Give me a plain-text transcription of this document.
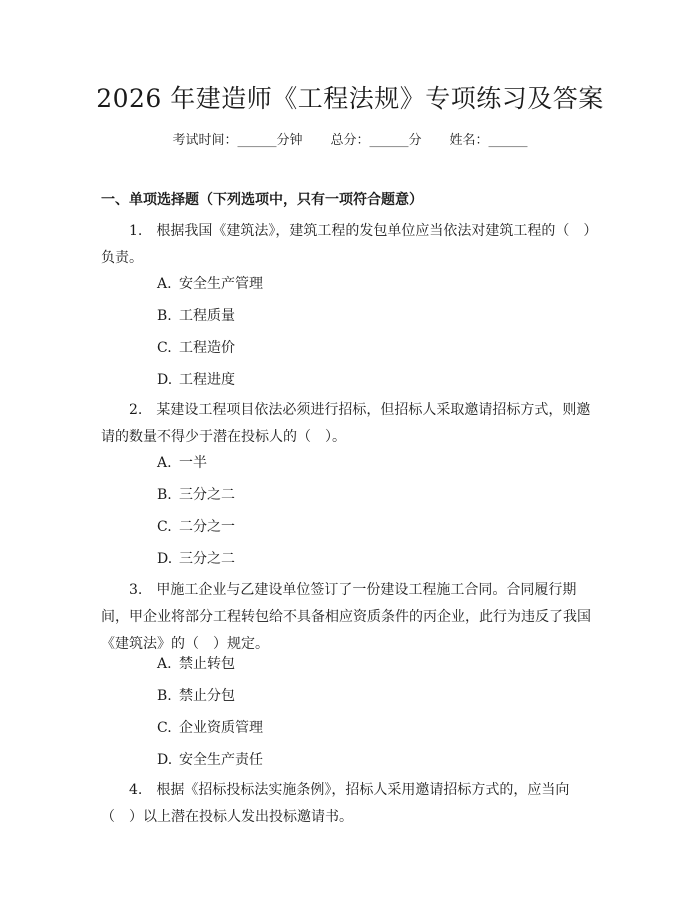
2026 年建造师《工程法规》专项练习及答案
考试时间：______分钟 总分：______分 姓名：______
一、单项选择题（下列选项中，只有一项符合题意）
1.　根据我国《建筑法》，建筑工程的发包单位应当依法对建筑工程的（　）负责。
A. 安全生产管理
B. 工程质量
C. 工程造价
D. 工程进度
2.　某建设工程项目依法必须进行招标，但招标人采取邀请招标方式，则邀请的数量不得少于潜在投标人的（　）。
A. 一半
B. 三分之二
C. 二分之一
D. 三分之二
3.　甲施工企业与乙建设单位签订了一份建设工程施工合同。合同履行期间，甲企业将部分工程转包给不具备相应资质条件的丙企业，此行为违反了我国《建筑法》的（　）规定。
A. 禁止转包
B. 禁止分包
C. 企业资质管理
D. 安全生产责任
4.　根据《招标投标法实施条例》，招标人采用邀请招标方式的，应当向（　）以上潜在投标人发出投标邀请书。
